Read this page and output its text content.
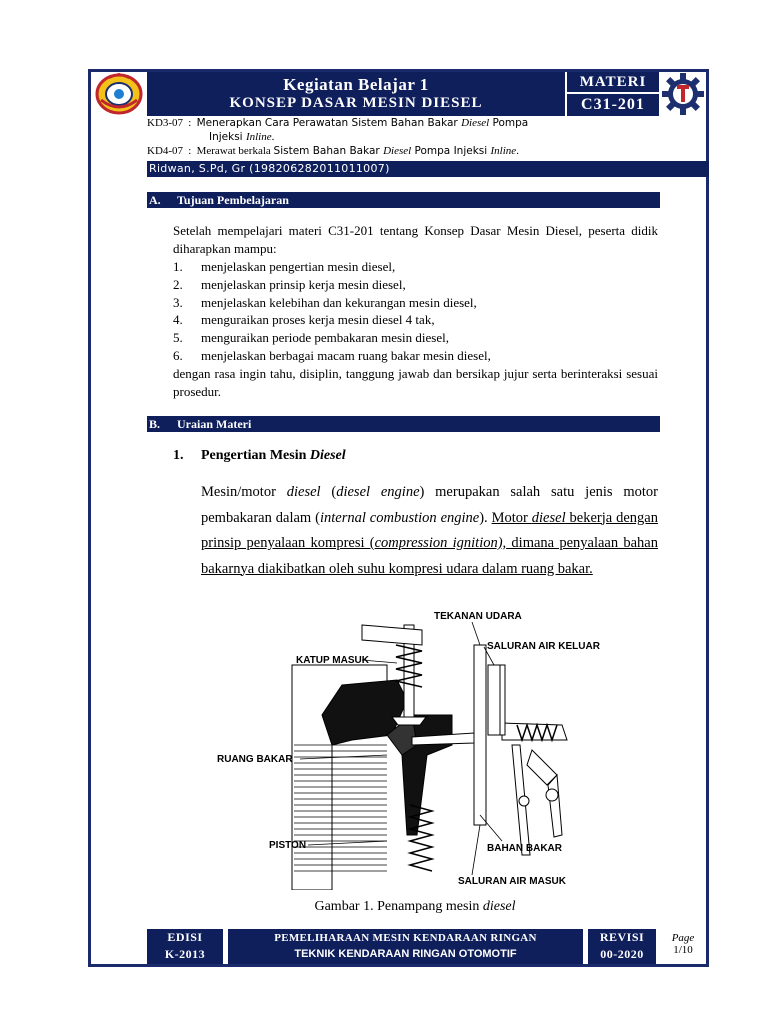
Kegiatan Belajar 1
KONSEP DASAR MESIN DIESEL
MATERI
C31-201
KD3-07 : Menerapkan Cara Perawatan Sistem Bahan Bakar Diesel Pompa
Injeksi Inline.
KD4-07 : Merawat berkala Sistem Bahan Bakar Diesel Pompa Injeksi Inline.
Ridwan, S.Pd, Gr (198206282011011007)
A. Tujuan Pembelajaran
Setelah mempelajari materi C31-201 tentang Konsep Dasar Mesin Diesel, peserta didik diharapkan mampu:
1. menjelaskan pengertian mesin diesel,
2. menjelaskan prinsip kerja mesin diesel,
3. menjelaskan kelebihan dan kekurangan mesin diesel,
4. menguraikan proses kerja mesin diesel 4 tak,
5. menguraikan periode pembakaran mesin diesel,
6. menjelaskan berbagai macam ruang bakar mesin diesel,
dengan rasa ingin tahu, disiplin, tanggung jawab dan bersikap jujur serta berinteraksi sesuai prosedur.
B. Uraian Materi
1. Pengertian Mesin Diesel
Mesin/motor diesel (diesel engine) merupakan salah satu jenis motor pembakaran dalam (internal combustion engine). Motor diesel bekerja dengan prinsip penyalaan kompresi (compression ignition), dimana penyalaan bahan bakarnya diakibatkan oleh suhu kompresi udara dalam ruang bakar.
TEKANAN UDARA
SALURAN AIR KELUAR
KATUP MASUK
RUANG BAKAR
PISTON	BAHAN BAKAR
SALURAN AIR MASUK
Gambar 1. Penampang mesin diesel
EDISI
K-2013
PEMELIHARAAN MESIN KENDARAAN RINGAN
TEKNIK KENDARAAN RINGAN OTOMOTIF
REVISI
00-2020
Page
1/10
